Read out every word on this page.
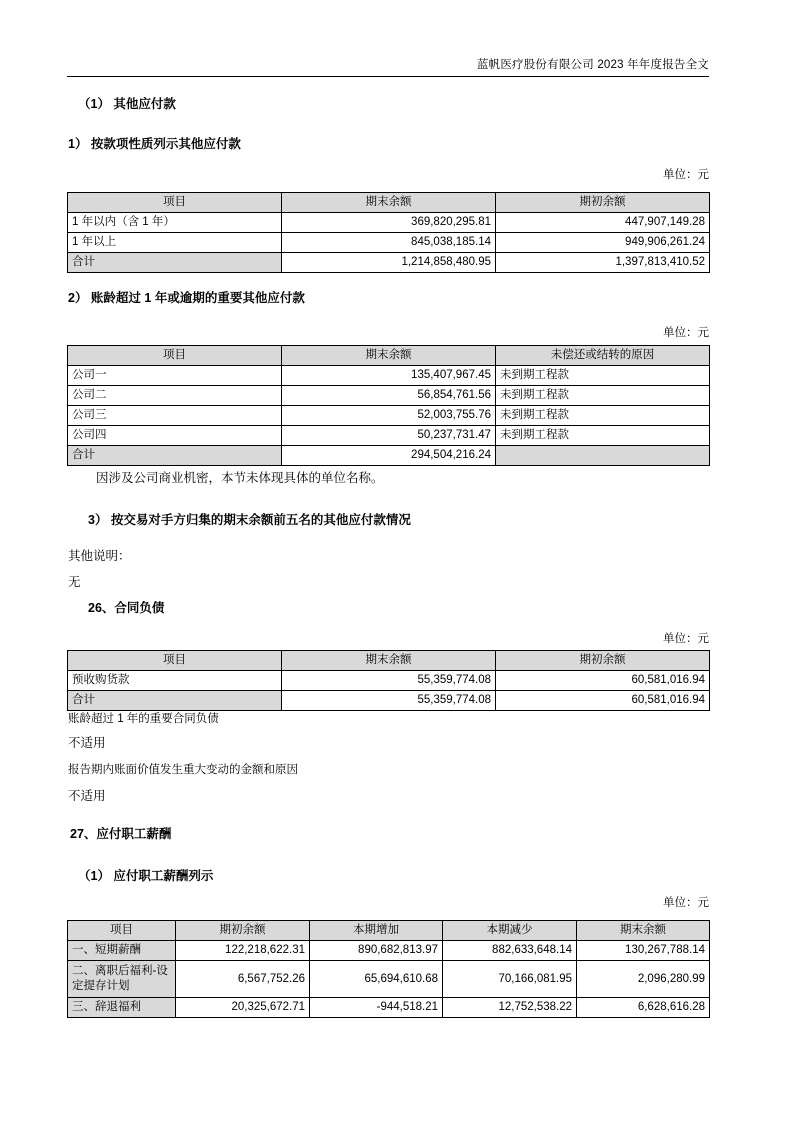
蓝帆医疗股份有限公司 2023 年年度报告全文
（1） 其他应付款
1） 按款项性质列示其他应付款
单位：元
项目	期末余额	期初余额
1 年以内（含 1 年）	369,820,295.81	447,907,149.28
1 年以上	845,038,185.14	949,906,261.24
合计	1,214,858,480.95	1,397,813,410.52
2） 账龄超过 1 年或逾期的重要其他应付款
单位：元
项目	期末余额	未偿还或结转的原因
公司一	135,407,967.45	未到期工程款
公司二	56,854,761.56	未到期工程款
公司三	52,003,755.76	未到期工程款
公司四	50,237,731.47	未到期工程款
合计	294,504,216.24	
因涉及公司商业机密，本节未体现具体的单位名称。
3） 按交易对手方归集的期末余额前五名的其他应付款情况
其他说明：
无
26、合同负债
单位：元
项目	期末余额	期初余额
预收购货款	55,359,774.08	60,581,016.94
合计	55,359,774.08	60,581,016.94
账龄超过 1 年的重要合同负债
不适用
报告期内账面价值发生重大变动的金额和原因
不适用
27、应付职工薪酬
（1） 应付职工薪酬列示
单位：元
项目	期初余额	本期增加	本期减少	期末余额
一、短期薪酬	122,218,622.31	890,682,813.97	882,633,648.14	130,267,788.14
二、离职后福利-设定提存计划	6,567,752.26	65,694,610.68	70,166,081.95	2,096,280.99
三、辞退福利	20,325,672.71	-944,518.21	12,752,538.22	6,628,616.28
